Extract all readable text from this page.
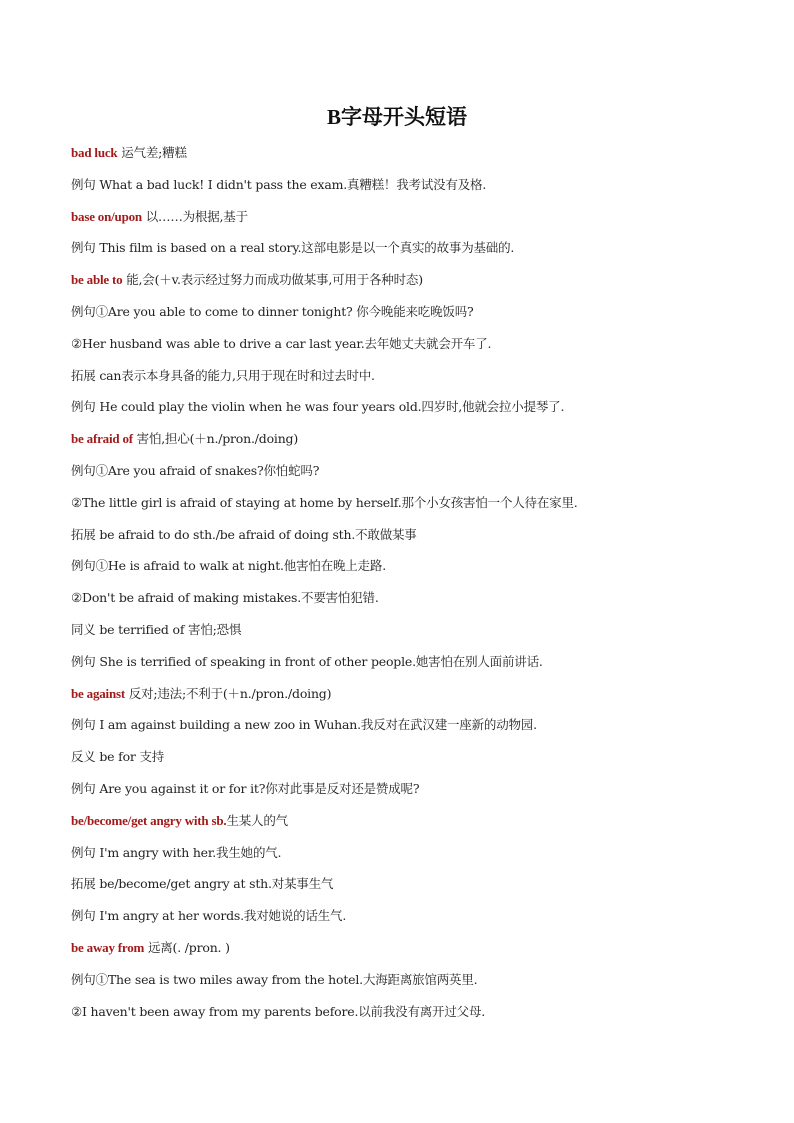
B字母开头短语
bad luck 运气差;糟糕
例句 What a bad luck! I didn't pass the exam.真糟糕！我考试没有及格.
base on/upon 以……为根据,基于
例句 This film is based on a real story.这部电影是以一个真实的故事为基础的.
be able to 能,会(＋v.表示经过努力而成功做某事,可用于各种时态)
例句①Are you able to come to dinner tonight? 你今晚能来吃晚饭吗?
②Her husband was able to drive a car last year.去年她丈夫就会开车了.
拓展 can表示本身具备的能力,只用于现在时和过去时中.
例句 He could play the violin when he was four years old.四岁时,他就会拉小提琴了.
be afraid of 害怕,担心(＋n./pron./doing)
例句①Are you afraid of snakes?你怕蛇吗?
②The little girl is afraid of staying at home by herself.那个小女孩害怕一个人待在家里.
拓展 be afraid to do sth./be afraid of doing sth.不敢做某事
例句①He is afraid to walk at night.他害怕在晚上走路.
②Don't be afraid of making mistakes.不要害怕犯错.
同义 be terrified of 害怕;恐惧
例句 She is terrified of speaking in front of other people.她害怕在别人面前讲话.
be against 反对;违法;不利于(＋n./pron./doing)
例句 I am against building a new zoo in Wuhan.我反对在武汉建一座新的动物园.
反义 be for 支持
例句 Are you against it or for it?你对此事是反对还是赞成呢?
be/become/get angry with sb.生某人的气
例句 I'm angry with her.我生她的气.
拓展 be/become/get angry at sth.对某事生气
例句 I'm angry at her words.我对她说的话生气.
be away from 远离(. /pron. )
例句①The sea is two miles away from the hotel.大海距离旅馆两英里.
②I haven't been away from my parents before.以前我没有离开过父母.
